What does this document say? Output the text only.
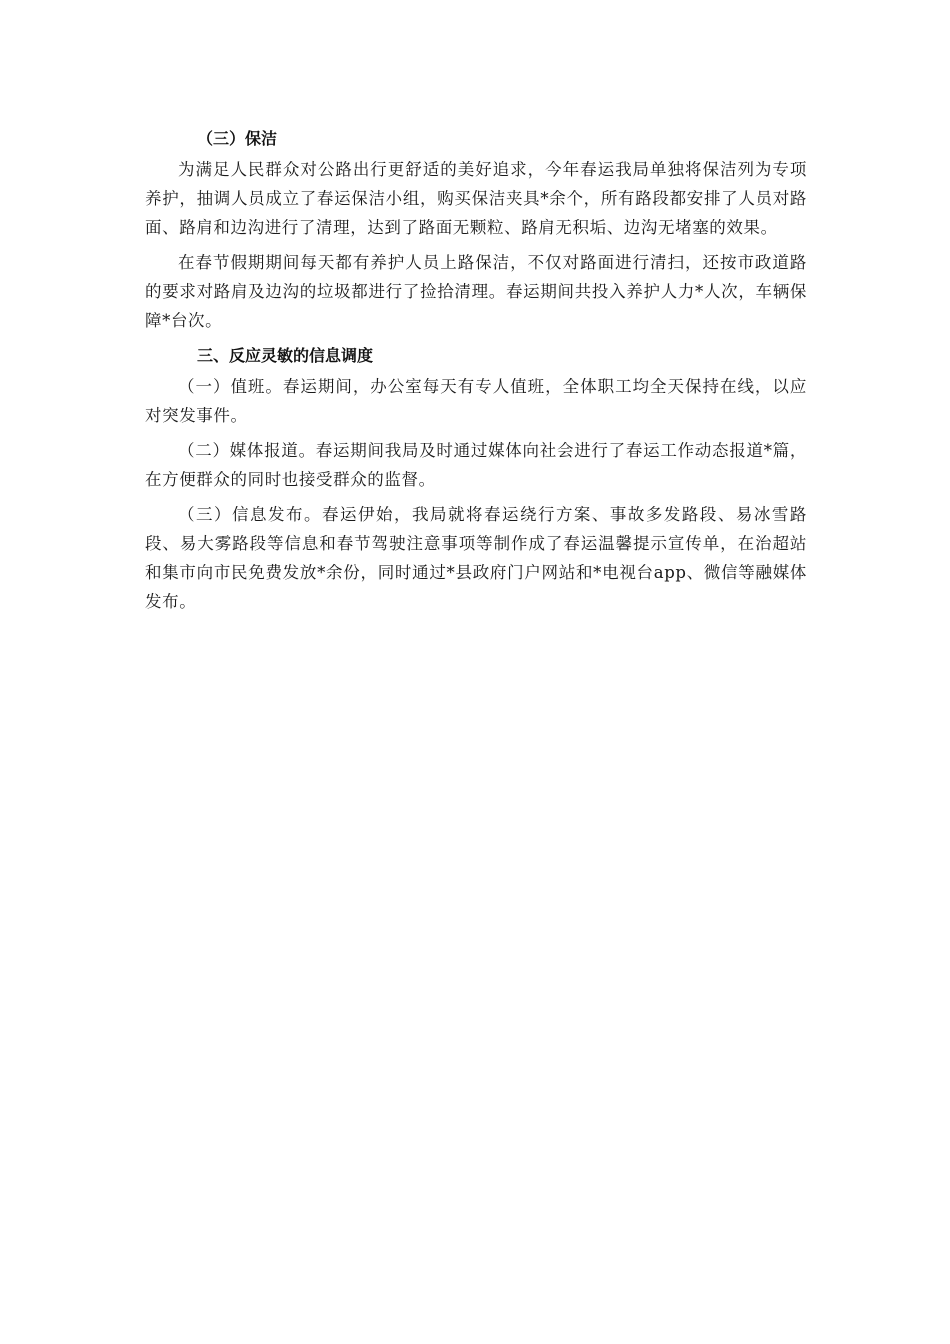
（三）保洁

为满足人民群众对公路出行更舒适的美好追求，今年春运我局单独将保洁列为专项养护，抽调人员成立了春运保洁小组，购买保洁夹具*余个，所有路段都安排了人员对路面、路肩和边沟进行了清理，达到了路面无颗粒、路肩无积垢、边沟无堵塞的效果。

在春节假期期间每天都有养护人员上路保洁，不仅对路面进行清扫，还按市政道路的要求对路肩及边沟的垃圾都进行了捡拾清理。春运期间共投入养护人力*人次，车辆保障*台次。

三、反应灵敏的信息调度

（一）值班。春运期间，办公室每天有专人值班，全体职工均全天保持在线，以应对突发事件。

（二）媒体报道。春运期间我局及时通过媒体向社会进行了春运工作动态报道*篇，在方便群众的同时也接受群众的监督。

（三）信息发布。春运伊始，我局就将春运绕行方案、事故多发路段、易冰雪路段、易大雾路段等信息和春节驾驶注意事项等制作成了春运温馨提示宣传单，在治超站和集市向市民免费发放*余份，同时通过*县政府门户网站和*电视台app、微信等融媒体发布。
